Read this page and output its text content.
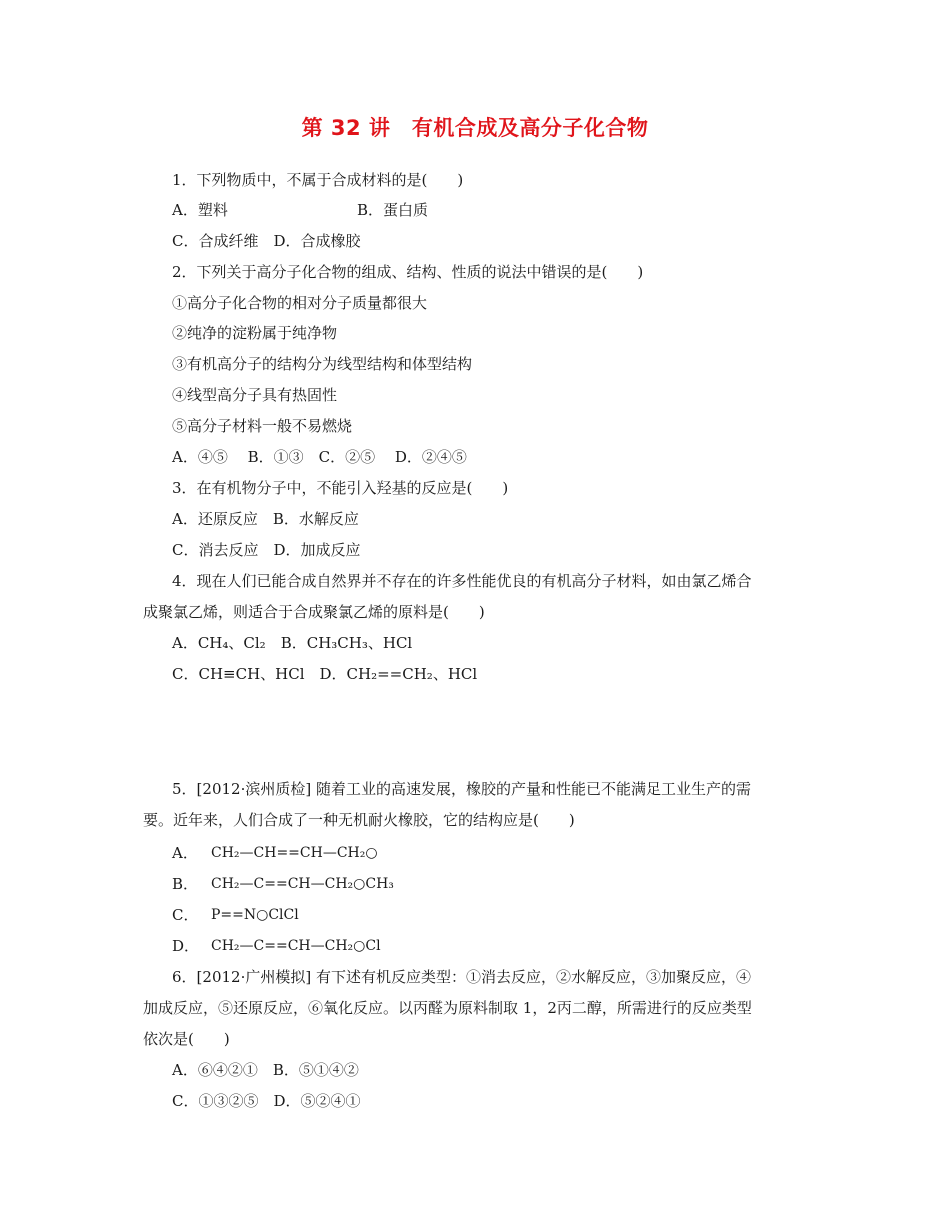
第 32 讲　有机合成及高分子化合物
1．下列物质中，不属于合成材料的是(　　)
A．塑料	B．蛋白质
C．合成纤维　D．合成橡胶
2．下列关于高分子化合物的组成、结构、性质的说法中错误的是(　　)
①高分子化合物的相对分子质量都很大
②纯净的淀粉属于纯净物
③有机高分子的结构分为线型结构和体型结构
④线型高分子具有热固性
⑤高分子材料一般不易燃烧
A．④⑤　 B．①③　C．②⑤　 D．②④⑤
3．在有机物分子中，不能引入羟基的反应是(　　)
A．还原反应　B．水解反应
C．消去反应　D．加成反应
4．现在人们已能合成自然界并不存在的许多性能优良的有机高分子材料，如由氯乙烯合
成聚氯乙烯，则适合于合成聚氯乙烯的原料是(　　)
A．CH₄、Cl₂　B．CH₃CH₃、HCl
C．CH≡CH、HCl　D．CH₂==CH₂、HCl
5．[2012·滨州质检] 随着工业的高速发展，橡胶的产量和性能已不能满足工业生产的需
要。近年来，人们合成了一种无机耐火橡胶，它的结构应是(　　)
A． CH₂—CH==CH—CH₂○
B． CH₂—C==CH—CH₂○CH₃
C． P==N○ClCl
D． CH₂—C==CH—CH₂○Cl
6．[2012·广州模拟] 有下述有机反应类型：①消去反应，②水解反应，③加聚反应，④
加成反应，⑤还原反应，⑥氧化反应。以丙醛为原料制取 1，2丙二醇，所需进行的反应类型
依次是(　　)
A．⑥④②①　B．⑤①④②
C．①③②⑤　D．⑤②④①
